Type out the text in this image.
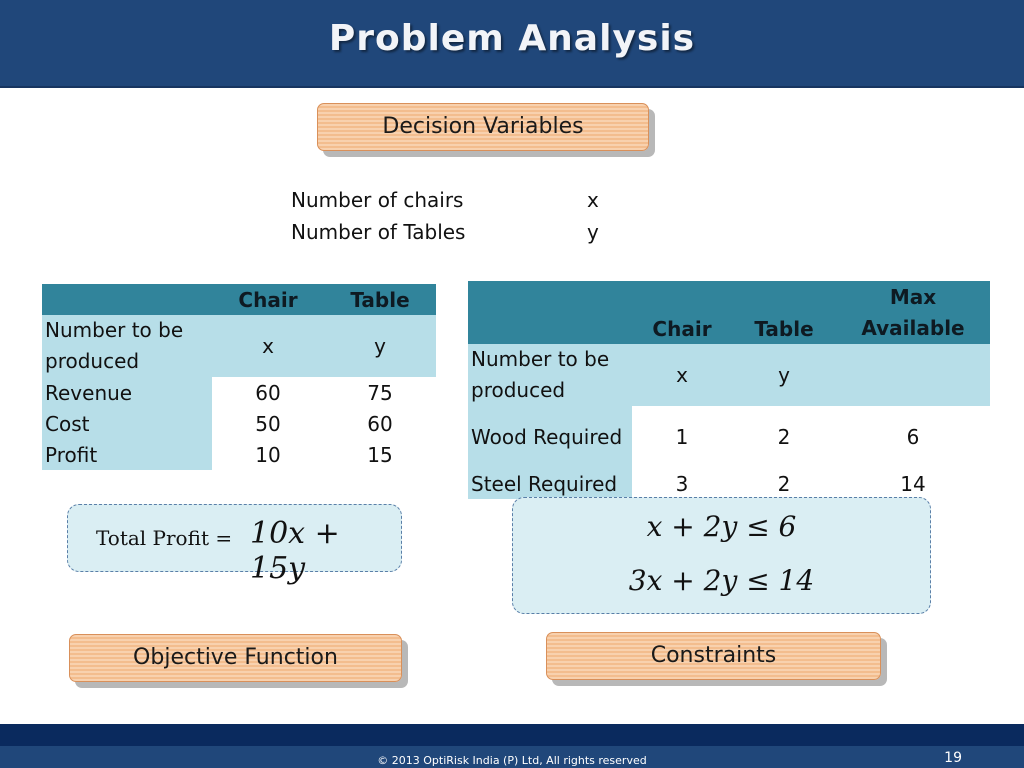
Problem Analysis
Decision Variables
Number of chairs	x
Number of Tables	y
	Chair	Table
Number to be produced	x	y
Revenue	60	75
Cost	50	60
Profit	10	15
	Chair	Table	Max Available
Number to be produced	x	y	
Wood Required	1	2	6
Steel Required	3	2	14
Total Profit = 10x + 15y
x + 2y ≤ 6
3x + 2y ≤ 14
Objective Function	Constraints
© 2013 OptiRisk India (P) Ltd, All rights reserved	19
